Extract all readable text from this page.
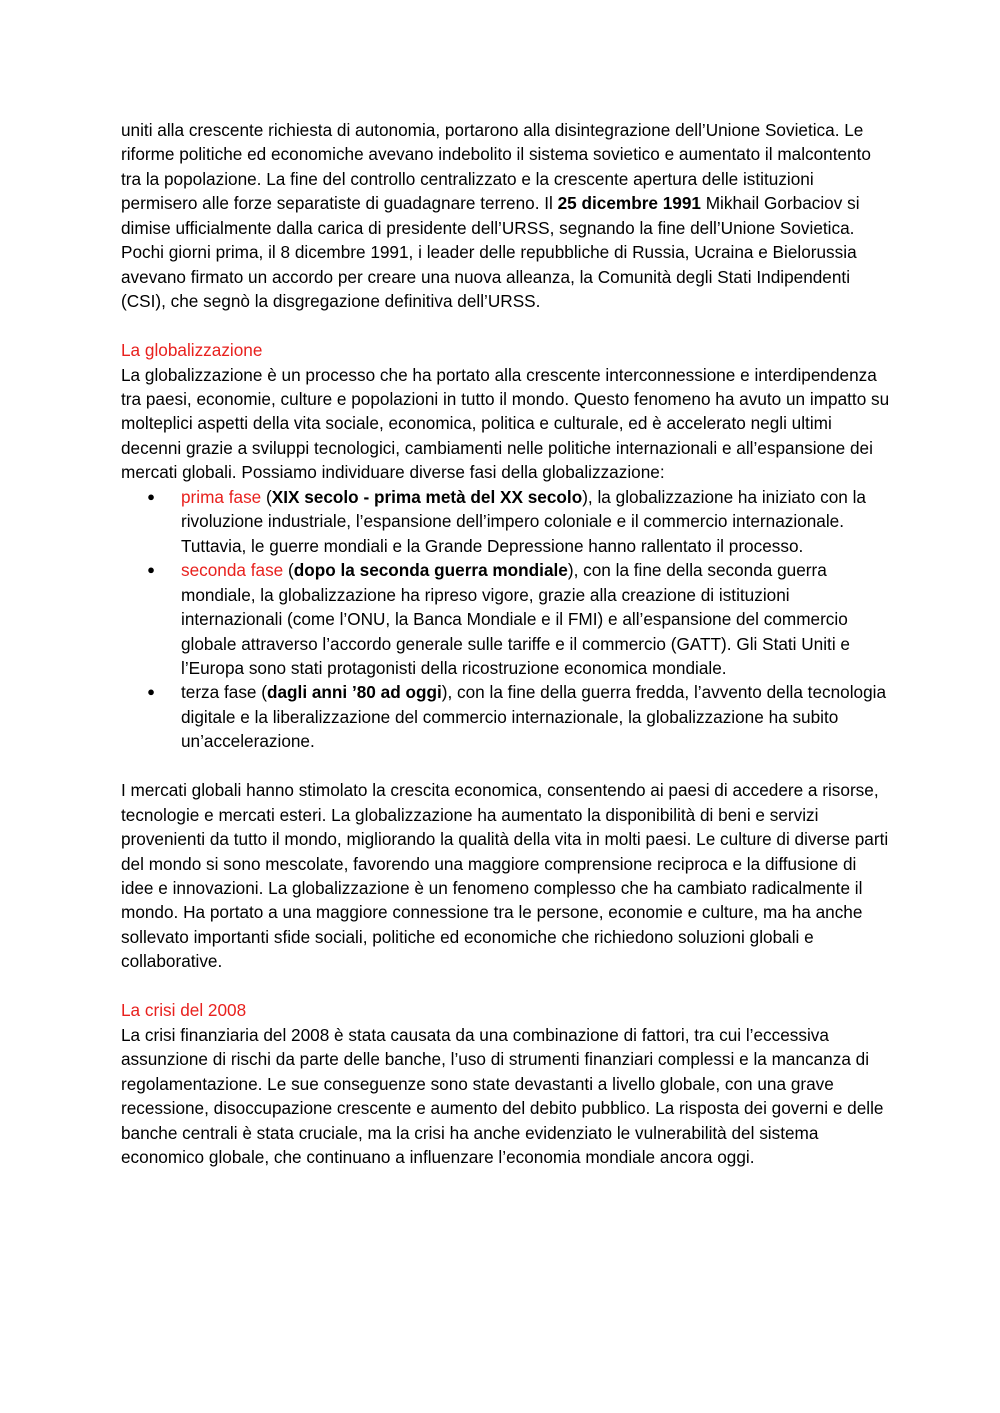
uniti alla crescente richiesta di autonomia, portarono alla disintegrazione dell’Unione Sovietica. Le riforme politiche ed economiche avevano indebolito il sistema sovietico e aumentato il malcontento tra la popolazione. La fine del controllo centralizzato e la crescente apertura delle istituzioni permisero alle forze separatiste di guadagnare terreno. Il 25 dicembre 1991 Mikhail Gorbaciov si dimise ufficialmente dalla carica di presidente dell’URSS, segnando la fine dell’Unione Sovietica. Pochi giorni prima, il 8 dicembre 1991, i leader delle repubbliche di Russia, Ucraina e Bielorussia avevano firmato un accordo per creare una nuova alleanza, la Comunità degli Stati Indipendenti (CSI), che segnò la disgregazione definitiva dell’URSS.

La globalizzazione

La globalizzazione è un processo che ha portato alla crescente interconnessione e interdipendenza tra paesi, economie, culture e popolazioni in tutto il mondo. Questo fenomeno ha avuto un impatto su molteplici aspetti della vita sociale, economica, politica e culturale, ed è accelerato negli ultimi decenni grazie a sviluppi tecnologici, cambiamenti nelle politiche internazionali e all’espansione dei mercati globali. Possiamo individuare diverse fasi della globalizzazione:

●	prima fase (XIX secolo - prima metà del XX secolo), la globalizzazione ha iniziato con la rivoluzione industriale, l’espansione dell’impero coloniale e il commercio internazionale. Tuttavia, le guerre mondiali e la Grande Depressione hanno rallentato il processo.
●	seconda fase (dopo la seconda guerra mondiale), con la fine della seconda guerra mondiale, la globalizzazione ha ripreso vigore, grazie alla creazione di istituzioni internazionali (come l’ONU, la Banca Mondiale e il FMI) e all’espansione del commercio globale attraverso l’accordo generale sulle tariffe e il commercio (GATT). Gli Stati Uniti e l’Europa sono stati protagonisti della ricostruzione economica mondiale.
●	terza fase (dagli anni ’80 ad oggi), con la fine della guerra fredda, l’avvento della tecnologia digitale e la liberalizzazione del commercio internazionale, la globalizzazione ha subito un’accelerazione.

I mercati globali hanno stimolato la crescita economica, consentendo ai paesi di accedere a risorse, tecnologie e mercati esteri. La globalizzazione ha aumentato la disponibilità di beni e servizi provenienti da tutto il mondo, migliorando la qualità della vita in molti paesi. Le culture di diverse parti del mondo si sono mescolate, favorendo una maggiore comprensione reciproca e la diffusione di idee e innovazioni. La globalizzazione è un fenomeno complesso che ha cambiato radicalmente il mondo. Ha portato a una maggiore connessione tra le persone, economie e culture, ma ha anche sollevato importanti sfide sociali, politiche ed economiche che richiedono soluzioni globali e collaborative.

La crisi del 2008

La crisi finanziaria del 2008 è stata causata da una combinazione di fattori, tra cui l’eccessiva assunzione di rischi da parte delle banche, l’uso di strumenti finanziari complessi e la mancanza di regolamentazione. Le sue conseguenze sono state devastanti a livello globale, con una grave recessione, disoccupazione crescente e aumento del debito pubblico. La risposta dei governi e delle banche centrali è stata cruciale, ma la crisi ha anche evidenziato le vulnerabilità del sistema economico globale, che continuano a influenzare l’economia mondiale ancora oggi.
